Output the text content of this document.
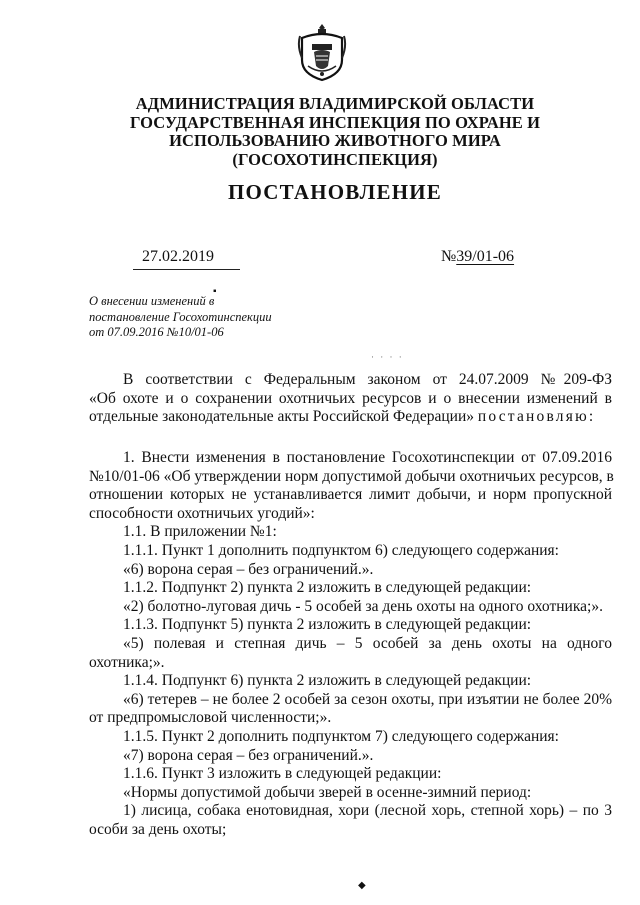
АДМИНИСТРАЦИЯ ВЛАДИМИРСКОЙ ОБЛАСТИ
ГОСУДАРСТВЕННАЯ ИНСПЕКЦИЯ ПО ОХРАНЕ И
ИСПОЛЬЗОВАНИЮ ЖИВОТНОГО МИРА
(ГОСОХОТИНСПЕКЦИЯ)
ПОСТАНОВЛЕНИЕ
27.02.2019	№39/01-06
▪
О внесении изменений в
постановление Госохотинспекции
от 07.09.2016 №10/01-06
· · · ·
В соответствии с Федеральным законом от 24.07.2009 №209-ФЗ
«Об охоте и о сохранении охотничьих ресурсов и о внесении изменений в
отдельные законодательные акты Российской Федерации» постановляю:
1. Внести изменения в постановление Госохотинспекции от 07.09.2016
№10/01-06 «Об утверждении норм допустимой добычи охотничьих ресурсов, в
отношении которых не устанавливается лимит добычи, и норм пропускной
способности охотничьих угодий»:
1.1. В приложении №1:
1.1.1. Пункт 1 дополнить подпунктом 6) следующего содержания:
«6) ворона серая – без ограничений.».
1.1.2. Подпункт 2) пункта 2 изложить в следующей редакции:
«2) болотно-луговая дичь - 5 особей за день охоты на одного охотника;».
1.1.3. Подпункт 5) пункта 2 изложить в следующей редакции:
«5) полевая и степная дичь – 5 особей за день охоты на одного
охотника;».
1.1.4. Подпункт 6) пункта 2 изложить в следующей редакции:
«6) тетерев – не более 2 особей за сезон охоты, при изъятии не более 20%
от предпромысловой численности;».
1.1.5. Пункт 2 дополнить подпунктом 7) следующего содержания:
«7) ворона серая – без ограничений.».
1.1.6. Пункт 3 изложить в следующей редакции:
«Нормы допустимой добычи зверей в осенне-зимний период:
1) лисица, собака енотовидная, хори (лесной хорь, степной хорь) – по 3
особи за день охоты;
◆
